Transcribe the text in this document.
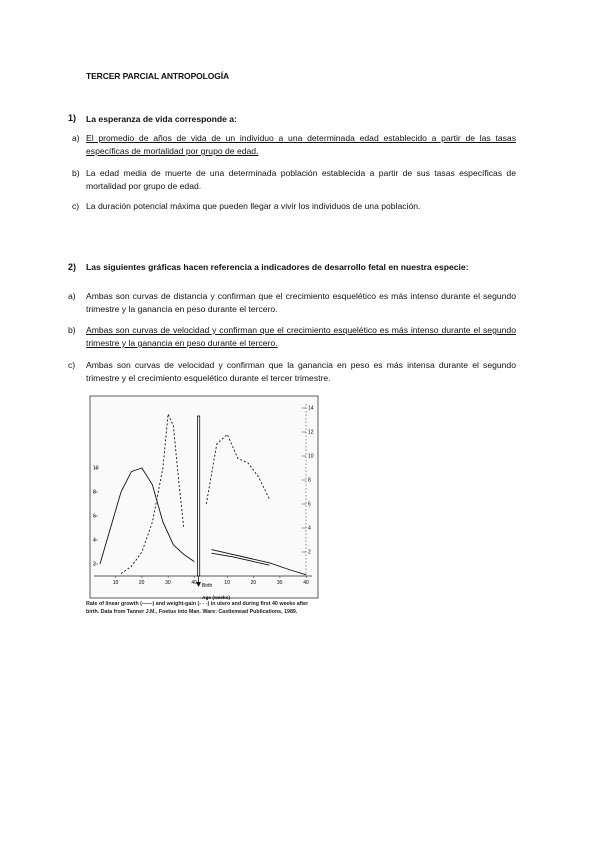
TERCER PARCIAL ANTROPOLOGÍA
1) La esperanza de vida corresponde a:
a) El promedio de años de vida de un individuo a una determinada edad establecido a partir de las tasas específicas de mortalidad por grupo de edad.
b) La edad media de muerte de una determinada población establecida a partir de sus tasas específicas de mortalidad por grupo de edad.
c) La duración potencial máxima que pueden llegar a vivir los individuos de una población.
2) Las siguientes gráficas hacen referencia a indicadores de desarrollo fetal en nuestra especie:
a) Ambas son curvas de distancia y confirman que el crecimiento esquelético es más intenso durante el segundo trimestre y la ganancia en peso durante el tercero.
b) Ambas son curvas de velocidad y confirman que el crecimiento esquelético es más intenso durante el segundo trimestre y la ganancia en peso durante el tercero.
c) Ambas son curvas de velocidad y confirman que la ganancia en peso es más intensa durante el segundo trimestre y el crecimiento esquelético durante el tercer trimestre.
Birth
Age (weeks)
10	20	30	40	10	20	30	40
2
4
6
8
10
2
4
6
8
10
12
14
Rate of linear growth (——) and weight-gain (- - -) in utero and during first 40 weeks after birth. Data from Tanner J.M., Foetus into Man. Ware: Castlemead Publications, 1989.
